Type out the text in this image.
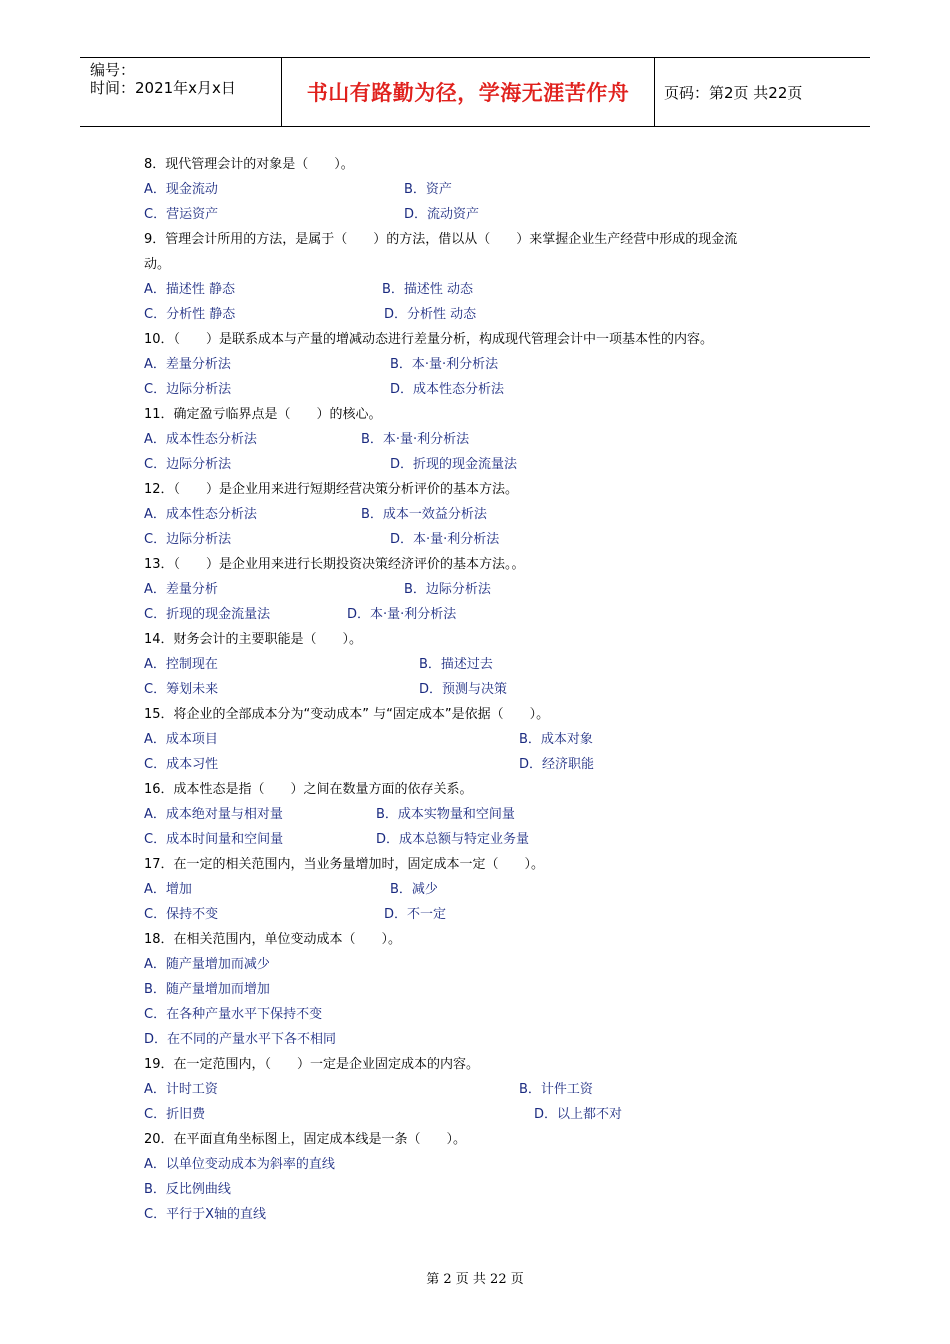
编号：
时间：2021年x月x日	书山有路勤为径，学海无涯苦作舟 页码：第2页 共22页
8．现代管理会计的对象是（　　）。
A．现金流动	B．资产
C．营运资产	D．流动资产
9．管理会计所用的方法，是属于（　　）的方法，借以从（　　）来掌握企业生产经营中形成的现金流
动。
A．描述性 静态	B．描述性 动态
C．分析性 静态	D．分析性 动态
10．（　　）是联系成本与产量的增减动态进行差量分析，构成现代管理会计中一项基本性的内容。
A．差量分析法	B．本·量·利分析法
C．边际分析法	D．成本性态分析法
11．确定盈亏临界点是（　　）的核心。
A．成本性态分析法	B．本·量·利分析法
C．边际分析法	D．折现的现金流量法
12．（　　）是企业用来进行短期经营决策分析评价的基本方法。
A．成本性态分析法	B．成本一效益分析法
C．边际分析法	D．本·量·利分析法
13．（　　）是企业用来进行长期投资决策经济评价的基本方法。。
A．差量分析	B．边际分析法
C．折现的现金流量法	D．本·量·利分析法
14．财务会计的主要职能是（　　）。
A．控制现在	B．描述过去
C．筹划未来	D．预测与决策
15．将企业的全部成本分为“变动成本” 与“固定成本”是依据（　　）。
A．成本项目	B．成本对象
C．成本习性	D．经济职能
16．成本性态是指（　　）之间在数量方面的依存关系。
A．成本绝对量与相对量	B．成本实物量和空间量
C．成本时间量和空间量	D．成本总额与特定业务量
17．在一定的相关范围内，当业务量增加时，固定成本一定（　　）。
A．增加	B．减少
C．保持不变	D．不一定
18．在相关范围内，单位变动成本（　　）。
A．随产量增加而减少
B．随产量增加而增加
C．在各种产量水平下保持不变
D．在不同的产量水平下各不相同
19．在一定范围内，（　　）一定是企业固定成本的内容。
A．计时工资	B．计件工资
C．折旧费	D．以上都不对
20．在平面直角坐标图上，固定成本线是一条（　　）。
A．以单位变动成本为斜率的直线
B．反比例曲线
C．平行于X轴的直线
第 2 页 共 22 页
